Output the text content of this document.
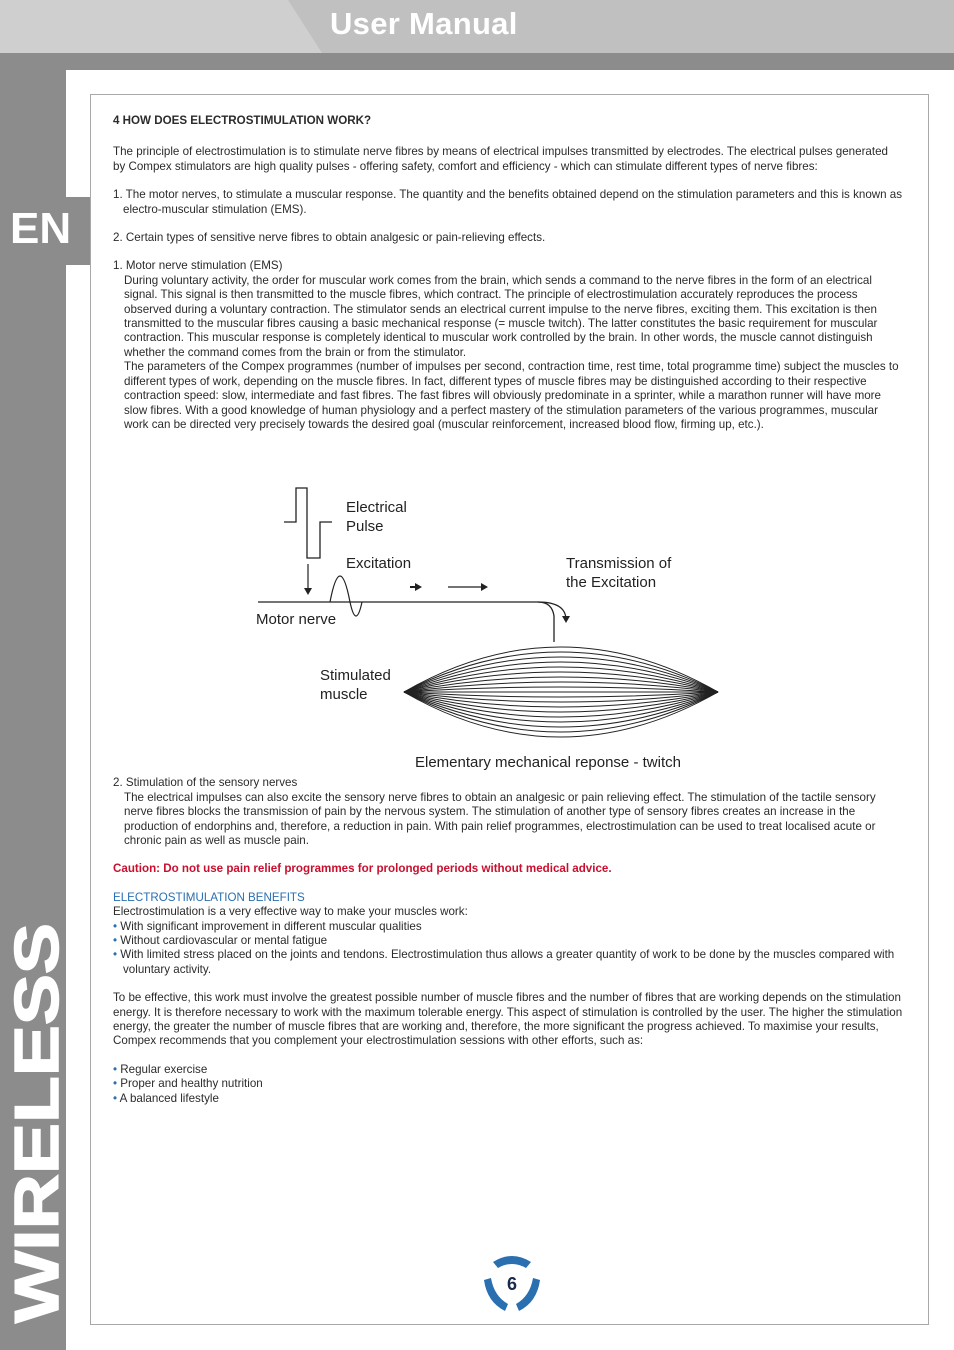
User Manual
EN
WIRELESS

4 HOW DOES ELECTROSTIMULATION WORK?

The principle of electrostimulation is to stimulate nerve fibres by means of electrical impulses transmitted by electrodes. The electrical pulses generated by Compex stimulators are high quality pulses - offering safety, comfort and efficiency - which can stimulate different types of nerve fibres:

1. The motor nerves, to stimulate a muscular response. The quantity and the benefits obtained depend on the stimulation parameters and this is known as electro-muscular stimulation (EMS).

2. Certain types of sensitive nerve fibres to obtain analgesic or pain-relieving effects.

1. Motor nerve stimulation (EMS)

During voluntary activity, the order for muscular work comes from the brain, which sends a command to the nerve fibres in the form of an electrical signal. This signal is then transmitted to the muscle fibres, which contract. The principle of electrostimulation accurately reproduces the process observed during a voluntary contraction. The stimulator sends an electrical current impulse to the nerve fibres, exciting them. This excitation is then transmitted to the muscular fibres causing a basic mechanical response (= muscle twitch). The latter constitutes the basic requirement for muscular contraction. This muscular response is completely identical to muscular work controlled by the brain. In other words, the muscle cannot distinguish whether the command comes from the brain or from the stimulator.

The parameters of the Compex programmes (number of impulses per second, contraction time, rest time, total programme time) subject the muscles to different types of work, depending on the muscle fibres. In fact, different types of muscle fibres may be distinguished according to their respective contraction speed: slow, intermediate and fast fibres. The fast fibres will obviously predominate in a sprinter, while a marathon runner will have more slow fibres. With a good knowledge of human physiology and a perfect mastery of the stimulation parameters of the various programmes, muscular work can be directed very precisely towards the desired goal (muscular reinforcement, increased blood flow, firming up, etc.).

2. Stimulation of the sensory nerves

The electrical impulses can also excite the sensory nerve fibres to obtain an analgesic or pain relieving effect. The stimulation of the tactile sensory nerve fibres blocks the transmission of pain by the nervous system. The stimulation of another type of sensory fibres creates an increase in the production of endorphins and, therefore, a reduction in pain. With pain relief programmes, electrostimulation can be used to treat localised acute or chronic pain as well as muscle pain.

Caution: Do not use pain relief programmes for prolonged periods without medical advice.

ELECTROSTIMULATION BENEFITS

Electrostimulation is a very effective way to make your muscles work:

• With significant improvement in different muscular qualities

• Without cardiovascular or mental fatigue

• With limited stress placed on the joints and tendons. Electrostimulation thus allows a greater quantity of work to be done by the muscles compared with voluntary activity.

To be effective, this work must involve the greatest possible number of muscle fibres and the number of fibres that are working depends on the stimulation energy. It is therefore necessary to work with the maximum tolerable energy. This aspect of stimulation is controlled by the user. The higher the stimulation energy, the greater the number of muscle fibres that are working and, therefore, the more significant the progress achieved. To maximise your results, Compex recommends that you complement your electrostimulation sessions with other efforts, such as:

• Regular exercise

• Proper and healthy nutrition

• A balanced lifestyle

Electrical
Pulse
Excitation	Transmission of
the Excitation
Motor nerve
Stimulated
muscle
Elementary mechanical reponse - twitch
6
